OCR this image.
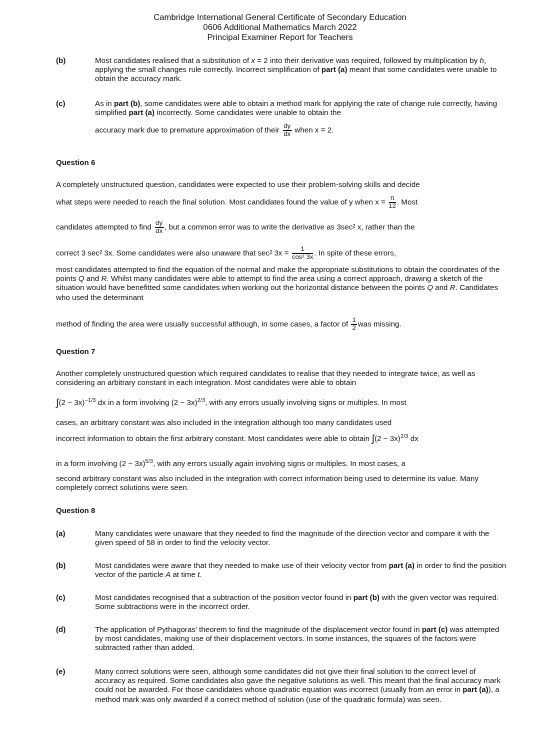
Cambridge International General Certificate of Secondary Education
0606 Additional Mathematics March 2022
Principal Examiner Report for Teachers
(b)	Most candidates realised that a substitution of x = 2 into their derivative was required, followed by multiplication by h, applying the small changes rule correctly. Incorrect simplification of part (a) meant that some candidates were unable to obtain the accuracy mark.
(c)	As in part (b), some candidates were able to obtain a method mark for applying the rate of change rule correctly, having simplified part (a) incorrectly. Some candidates were unable to obtain the
accuracy mark due to premature approximation of their $\frac{dy}{dx}$ when x = 2.
Question 6
A completely unstructured question, candidates were expected to use their problem-solving skills and decide
what steps were needed to reach the final solution. Most candidates found the value of y when $x = \frac{\pi}{12}$ . Most
candidates attempted to find $\frac{dy}{dx}$ , but a common error was to write the derivative as 3sec² x, rather than the
correct 3 sec² 3x. Some candidates were also unaware that sec² $3x = \frac{1}{\text{cos² 3x}}$ . In spite of these errors,
most candidates attempted to find the equation of the normal and make the appropriate substitutions to obtain the coordinates of the points Q and R. Whilst many candidates were able to attempt to find the area using a correct approach, drawing a sketch of the situation would have benefitted some candidates when working out the horizontal distance between the points Q and R. Candidates who used the determinant
method of finding the area were usually successful although, in some cases, a factor of $\frac{1}{2}$ was missing.
Question 7
Another completely unstructured question which required candidates to realise that they needed to integrate twice, as well as considering an arbitrary constant in each integration. Most candidates were able to obtain
$\int(2 - 3x)^{-1/3}$ dx in a form involving $(2 - 3x)^{2/3}$, with any errors usually involving signs or multiples. In most
cases, an arbitrary constant was also included in the integration although too many candidates used
incorrect information to obtain the first arbitrary constant. Most candidates were able to obtain $\int(2 - 3x)^{2/3}$ dx
in a form involving $(2 - 3x)^{5/3}$, with any errors usually again involving signs or multiples. In most cases, a
second arbitrary constant was also included in the integration with correct information being used to determine its value. Many completely correct solutions were seen.
Question 8
(a)	Many candidates were unaware that they needed to find the magnitude of the direction vector and compare it with the given speed of 58 in order to find the velocity vector.
(b)	Most candidates were aware that they needed to make use of their velocity vector from part (a) in order to find the position vector of the particle A at time t.
(c)	Most candidates recognised that a subtraction of the position vector found in part (b) with the given vector was required. Some subtractions were in the incorrect order.
(d)	The application of Pythagoras' theorem to find the magnitude of the displacement vector found in part (c) was attempted by most candidates, making use of their displacement vectors. In some instances, the squares of the factors were subtracted rather than added.
(e)	Many correct solutions were seen, although some candidates did not give their final solution to the correct level of accuracy as required. Some candidates also gave the negative solutions as well. This meant that the final accuracy mark could not be awarded. For those candidates whose quadratic equation was incorrect (usually from an error in part (a)), a method mark was only awarded if a correct method of solution (use of the quadratic formula) was seen.
